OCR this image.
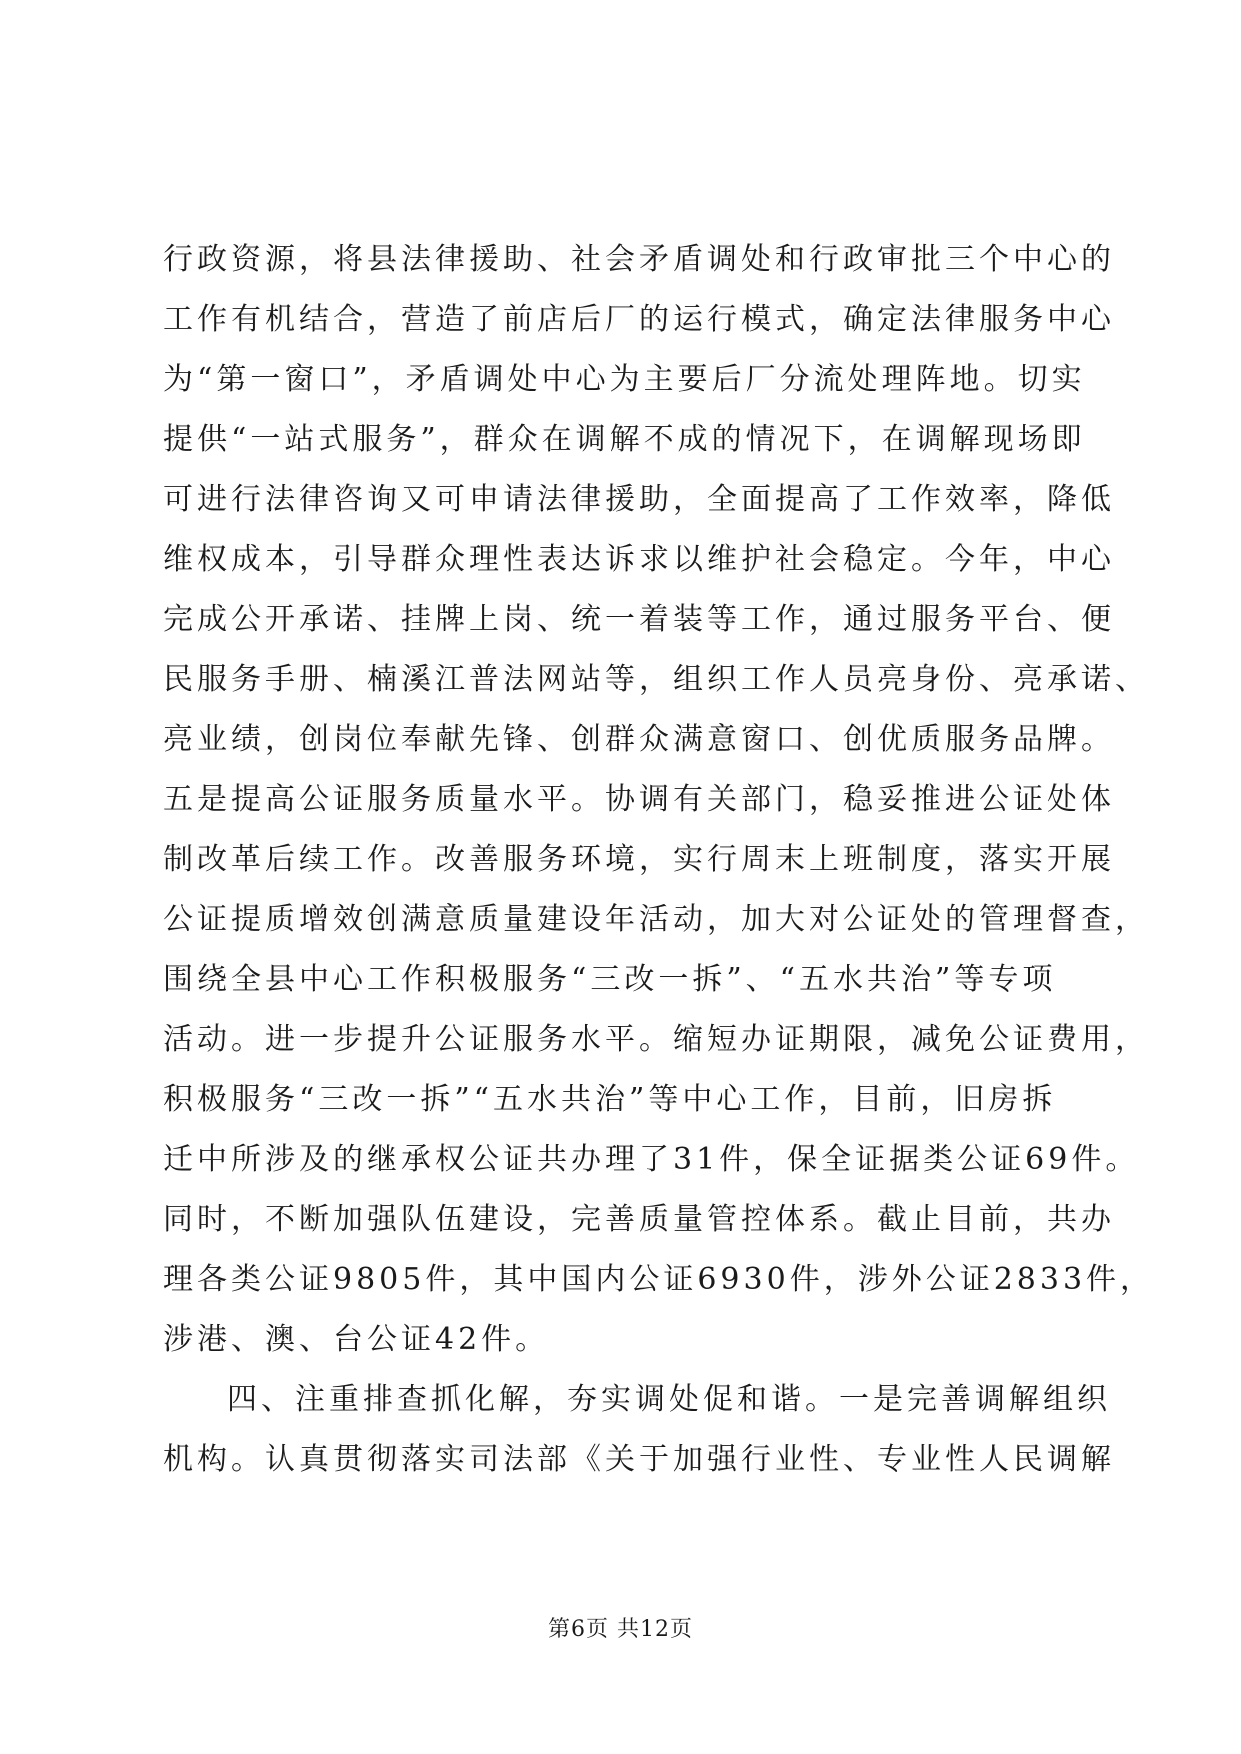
行政资源，将县法律援助、社会矛盾调处和行政审批三个中心的
工作有机结合，营造了前店后厂的运行模式，确定法律服务中心
为“第一窗口”，矛盾调处中心为主要后厂分流处理阵地。切实
提供“一站式服务”，群众在调解不成的情况下，在调解现场即
可进行法律咨询又可申请法律援助，全面提高了工作效率，降低
维权成本，引导群众理性表达诉求以维护社会稳定。今年，中心
完成公开承诺、挂牌上岗、统一着装等工作，通过服务平台、便
民服务手册、楠溪江普法网站等，组织工作人员亮身份、亮承诺、
亮业绩，创岗位奉献先锋、创群众满意窗口、创优质服务品牌。
五是提高公证服务质量水平。协调有关部门，稳妥推进公证处体
制改革后续工作。改善服务环境，实行周末上班制度，落实开展
公证提质增效创满意质量建设年活动，加大对公证处的管理督查，
围绕全县中心工作积极服务“三改一拆”、“五水共治”等专项
活动。进一步提升公证服务水平。缩短办证期限，减免公证费用，
积极服务“三改一拆”“五水共治”等中心工作，目前，旧房拆
迁中所涉及的继承权公证共办理了31件，保全证据类公证69件。
同时，不断加强队伍建设，完善质量管控体系。截止目前，共办
理各类公证9805件，其中国内公证6930件，涉外公证2833件，
涉港、澳、台公证42件。
四、注重排查抓化解，夯实调处促和谐。一是完善调解组织
机构。认真贯彻落实司法部《关于加强行业性、专业性人民调解
第6页 共12页
